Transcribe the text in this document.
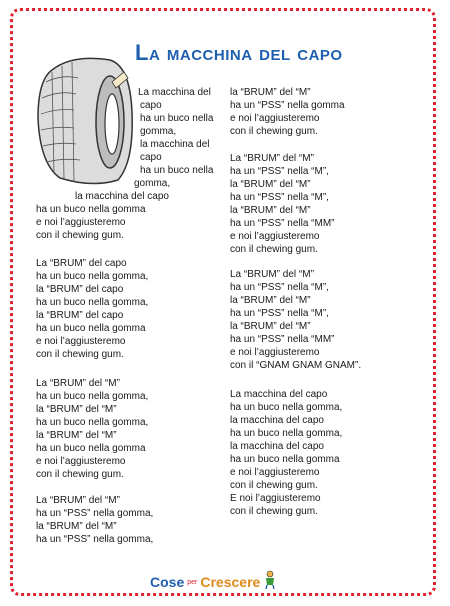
La macchina del capo

La macchina del

capo

ha un buco nella

gomma,

la macchina del

capo

ha un buco nella

gomma,

la macchina del capo

ha un buco nella gomma
e noi l’aggiusteremo
con il chewing gum.

La “BRUM” del capo
ha un buco nella gomma,
la “BRUM” del capo
ha un buco nella gomma,
la “BRUM” del capo
ha un buco nella gomma
e noi l’aggiusteremo
con il chewing gum.

La “BRUM” del “M”
ha un buco nella gomma,
la “BRUM” del “M”
ha un buco nella gomma,
la “BRUM” del “M”
ha un buco nella gomma
e noi l’aggiusteremo
con il chewing gum.

La “BRUM” del “M”
ha un “PSS” nella gomma,
la “BRUM” del “M”
ha un “PSS” nella gomma,

la “BRUM” del “M”
ha un “PSS” nella gomma
e noi l’aggiusteremo
con il chewing gum.

La “BRUM” del “M”
ha un “PSS” nella “M”,
la “BRUM” del “M”
ha un “PSS” nella “M”,
la “BRUM” del “M”
ha un “PSS” nella “MM”
e noi l’aggiusteremo
con il chewing gum.

La “BRUM” del “M”
ha un “PSS” nella “M”,
la “BRUM” del “M”
ha un “PSS” nella “M”,
la “BRUM” del “M”
ha un “PSS” nella “MM”
e noi l’aggiusteremo
con il “GNAM GNAM GNAM”.

La macchina del capo
ha un buco nella gomma,
la macchina del capo
ha un buco nella gomma,
la macchina del capo
ha un buco nella gomma
e noi l’aggiusteremo
con il chewing gum.
E noi l’aggiusteremo
con il chewing gum.

Cose per Crescere
